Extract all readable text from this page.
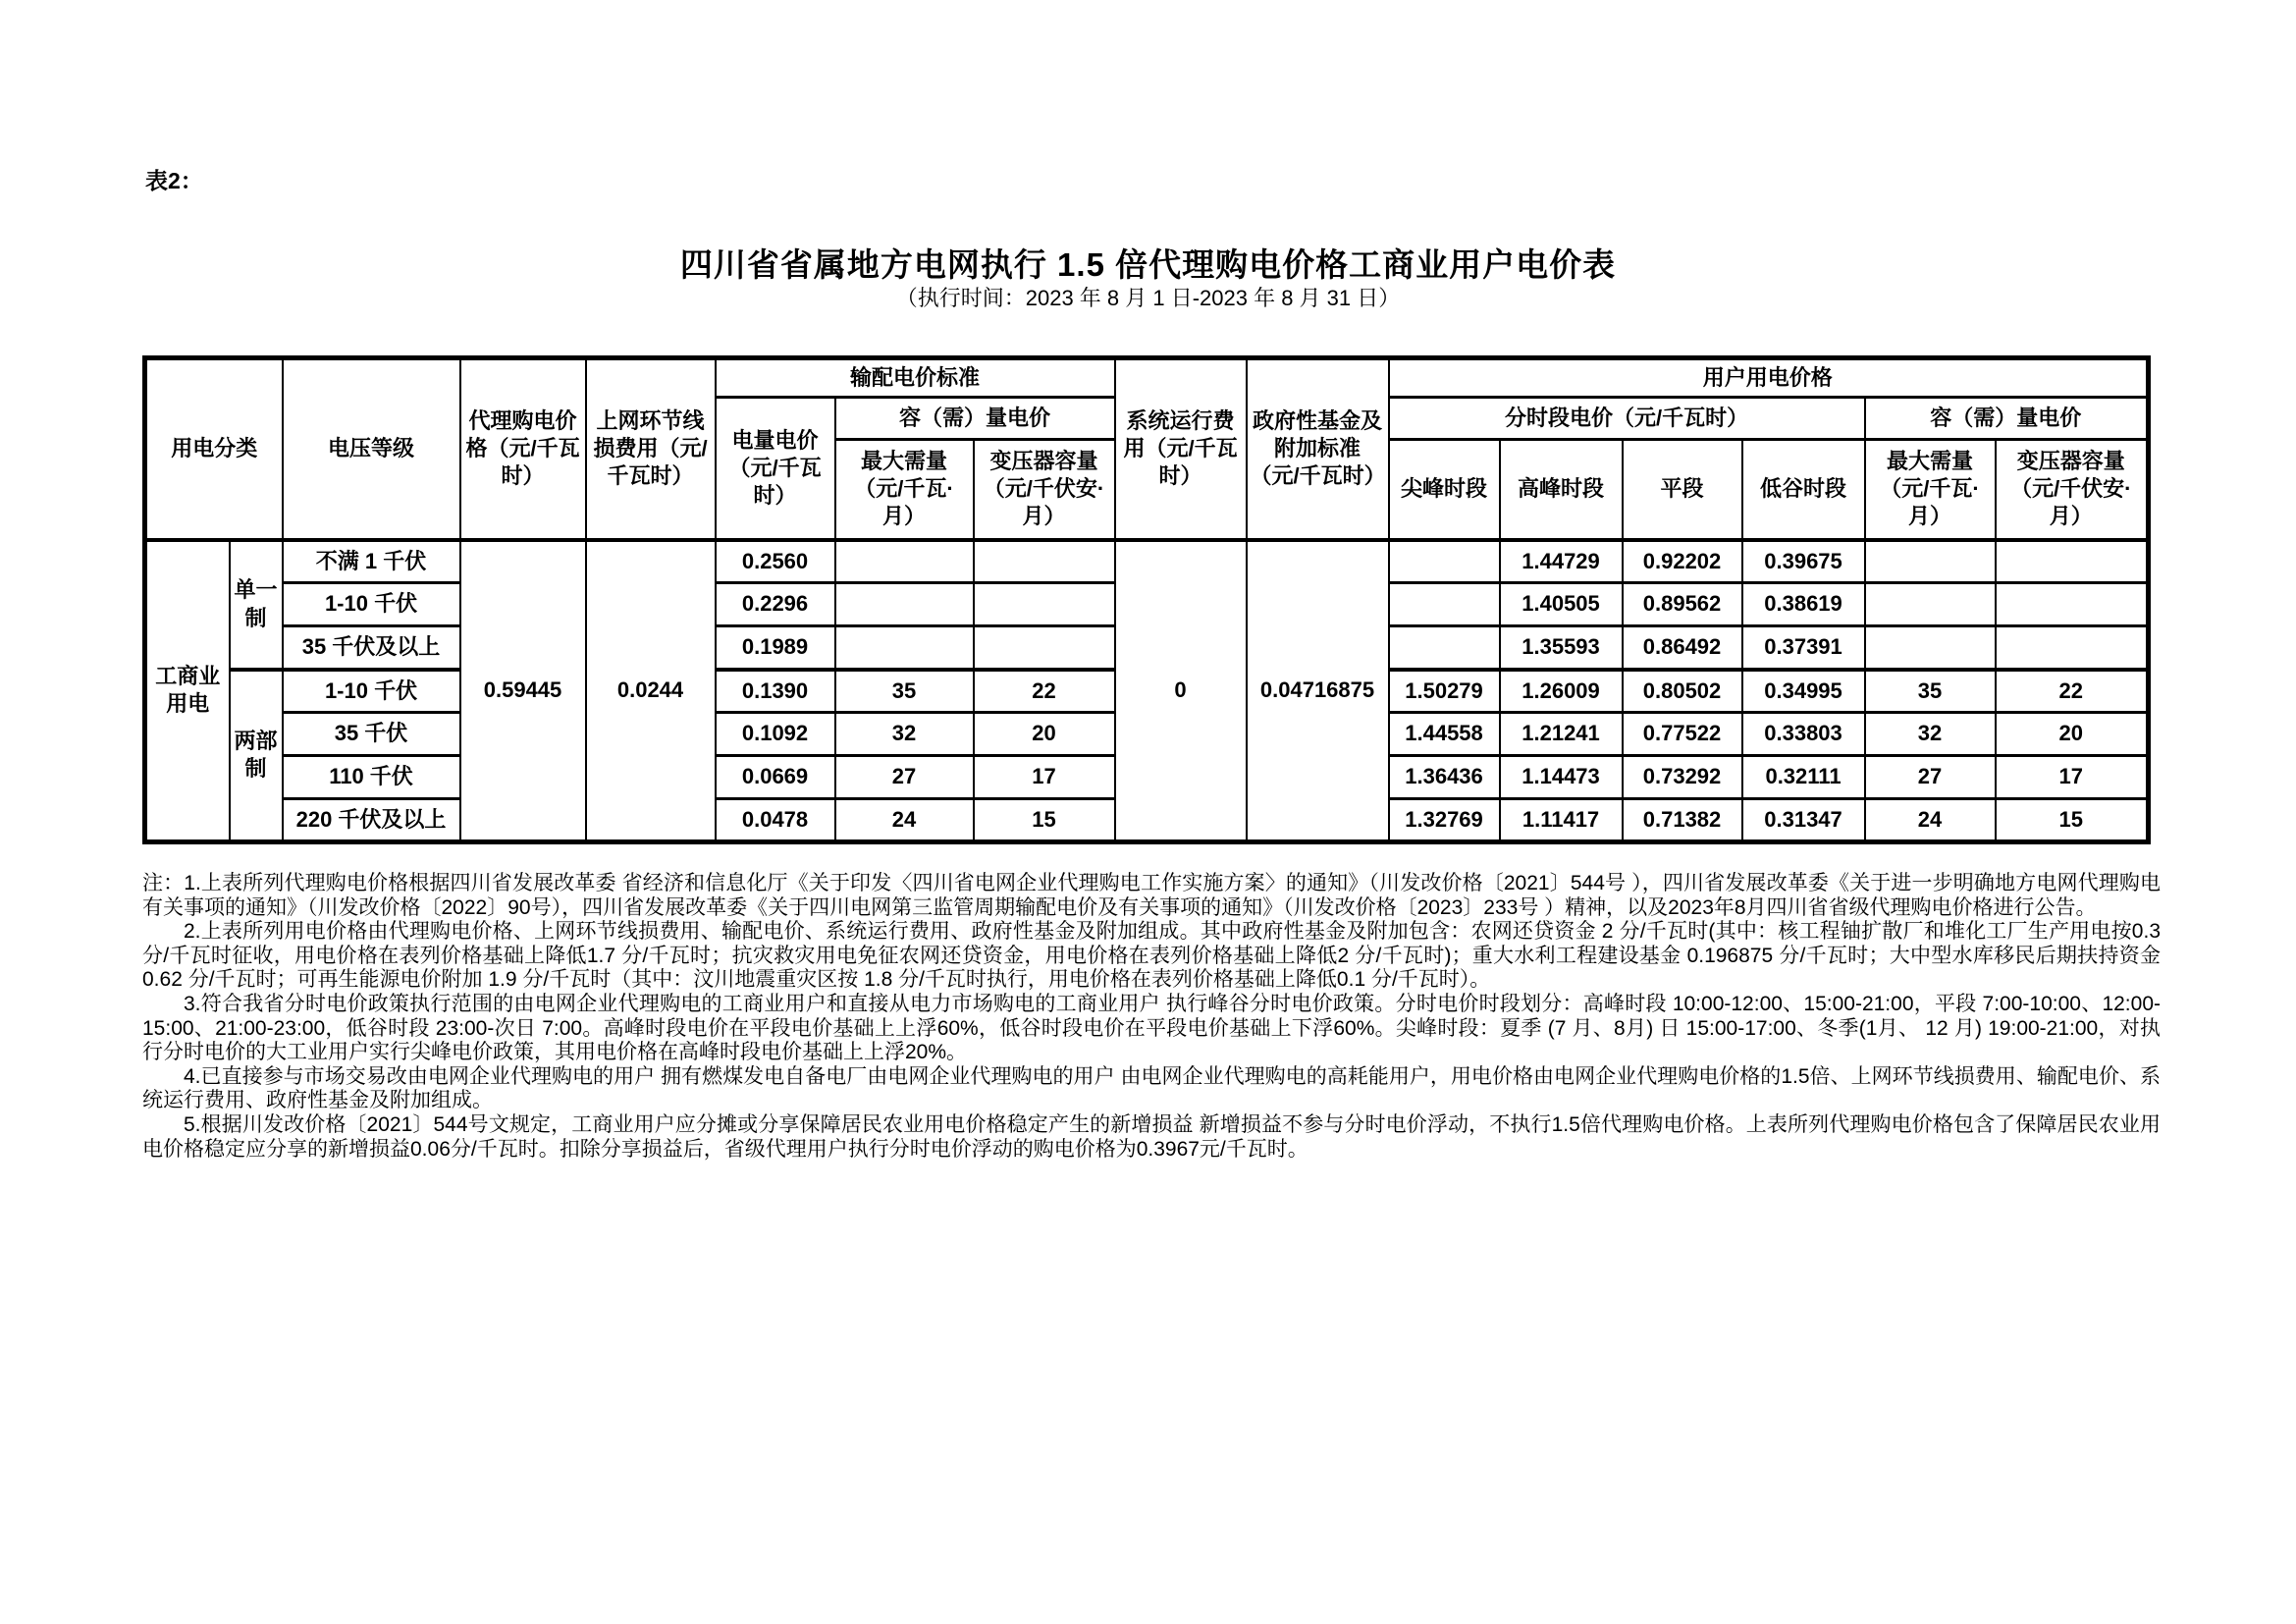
表2：
四川省省属地方电网执行 1.5 倍代理购电价格工商业用户电价表
（执行时间：2023 年 8 月 1 日-2023 年 8 月 31 日）
用电分类		电压等级	代理购电价格（元/千瓦时）	上网环节线损费用（元/千瓦时）	输配电价标准			系统运行费用（元/千瓦时）	政府性基金及附加标准（元/千瓦时）	用户用电价格					
					电量电价（元/千瓦时）	容（需）量电价				分时段电价（元/千瓦时）				容（需）量电价	
						最大需量（元/千瓦·月）	变压器容量（元/千伏安·月）			尖峰时段	高峰时段	平段	低谷时段	最大需量（元/千瓦·月）	变压器容量（元/千伏安·月）
工商业用电	单一制	不满 1 千伏	0.59445	0.0244	0.2560			0	0.04716875		1.44729	0.92202	0.39675		
		1-10 千伏			0.2296						1.40505	0.89562	0.38619		
		35 千伏及以上			0.1989						1.35593	0.86492	0.37391		
	两部制	1-10 千伏			0.1390	35	22			1.50279	1.26009	0.80502	0.34995	35	22
		35 千伏			0.1092	32	20			1.44558	1.21241	0.77522	0.33803	32	20
		110 千伏			0.0669	27	17			1.36436	1.14473	0.73292	0.32111	27	17
		220 千伏及以上			0.0478	24	15			1.32769	1.11417	0.71382	0.31347	24	15

注：1.上表所列代理购电价格根据四川省发展改革委 省经济和信息化厅《关于印发〈四川省电网企业代理购电工作实施方案〉的通知》（川发改价格〔2021〕544号 ），四川省发展改革委《关于进一步明确地方电网代理购电有关事项的通知》（川发改价格〔2022〕90号），四川省发展改革委《关于四川电网第三监管周期输配电价及有关事项的通知》（川发改价格〔2023〕233号 ）精神，以及2023年8月四川省省级代理购电价格进行公告。

2.上表所列用电价格由代理购电价格、上网环节线损费用、输配电价、系统运行费用、政府性基金及附加组成。其中政府性基金及附加包含：农网还贷资金 2 分/千瓦时(其中：核工程铀扩散厂和堆化工厂生产用电按0.3 分/千瓦时征收，用电价格在表列价格基础上降低1.7 分/千瓦时；抗灾救灾用电免征农网还贷资金，用电价格在表列价格基础上降低2 分/千瓦时)；重大水利工程建设基金 0.196875 分/千瓦时；大中型水库移民后期扶持资金 0.62 分/千瓦时；可再生能源电价附加 1.9 分/千瓦时（其中：汶川地震重灾区按 1.8 分/千瓦时执行，用电价格在表列价格基础上降低0.1 分/千瓦时）。

3.符合我省分时电价政策执行范围的由电网企业代理购电的工商业用户和直接从电力市场购电的工商业用户 执行峰谷分时电价政策。分时电价时段划分：高峰时段 10:00-12:00、15:00-21:00，平段 7:00-10:00、12:00-15:00、21:00-23:00，低谷时段 23:00-次日 7:00。高峰时段电价在平段电价基础上上浮60%，低谷时段电价在平段电价基础上下浮60%。尖峰时段：夏季 (7 月、8月) 日 15:00-17:00、冬季(1月、 12 月) 19:00-21:00，对执行分时电价的大工业用户实行尖峰电价政策，其用电价格在高峰时段电价基础上上浮20%。

4.已直接参与市场交易改由电网企业代理购电的用户 拥有燃煤发电自备电厂由电网企业代理购电的用户 由电网企业代理购电的高耗能用户，用电价格由电网企业代理购电价格的1.5倍、上网环节线损费用、输配电价、系统运行费用、政府性基金及附加组成。

5.根据川发改价格〔2021〕544号文规定，工商业用户应分摊或分享保障居民农业用电价格稳定产生的新增损益 新增损益不参与分时电价浮动，不执行1.5倍代理购电价格。上表所列代理购电价格包含了保障居民农业用电价格稳定应分享的新增损益0.06分/千瓦时。扣除分享损益后，省级代理用户执行分时电价浮动的购电价格为0.3967元/千瓦时。
